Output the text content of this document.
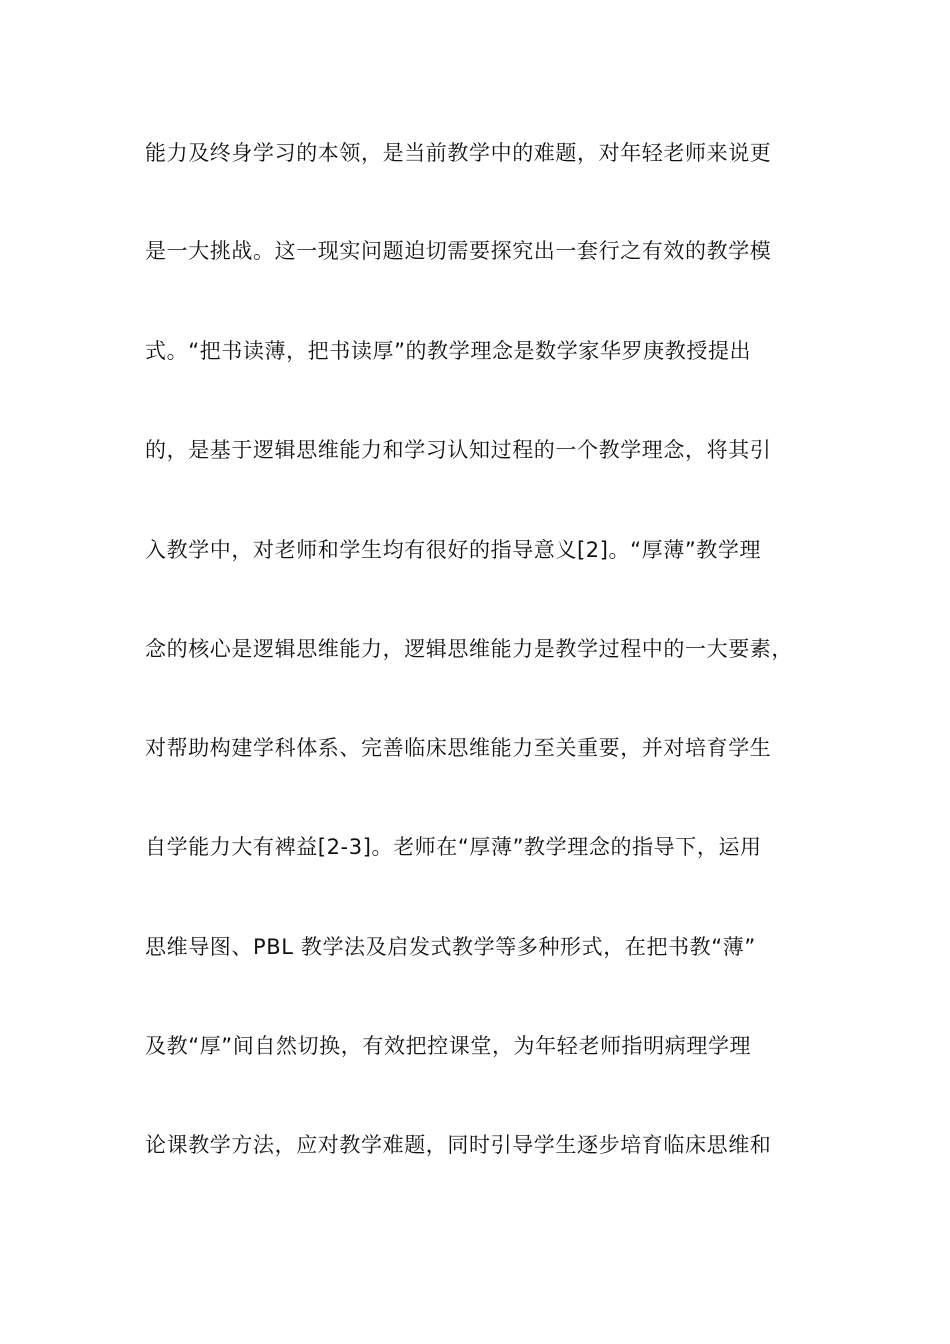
能力及终身学习的本领，是当前教学中的难题，对年轻老师来说更
是一大挑战。这一现实问题迫切需要探究出一套行之有效的教学模
式。“把书读薄，把书读厚”的教学理念是数学家华罗庚教授提出
的，是基于逻辑思维能力和学习认知过程的一个教学理念，将其引
入教学中，对老师和学生均有很好的指导意义[2]。“厚薄”教学理
念的核心是逻辑思维能力，逻辑思维能力是教学过程中的一大要素，
对帮助构建学科体系、完善临床思维能力至关重要，并对培育学生
自学能力大有裨益[2-3]。老师在“厚薄”教学理念的指导下，运用
思维导图、PBL 教学法及启发式教学等多种形式，在把书教“薄”
及教“厚”间自然切换，有效把控课堂，为年轻老师指明病理学理
论课教学方法，应对教学难题，同时引导学生逐步培育临床思维和
